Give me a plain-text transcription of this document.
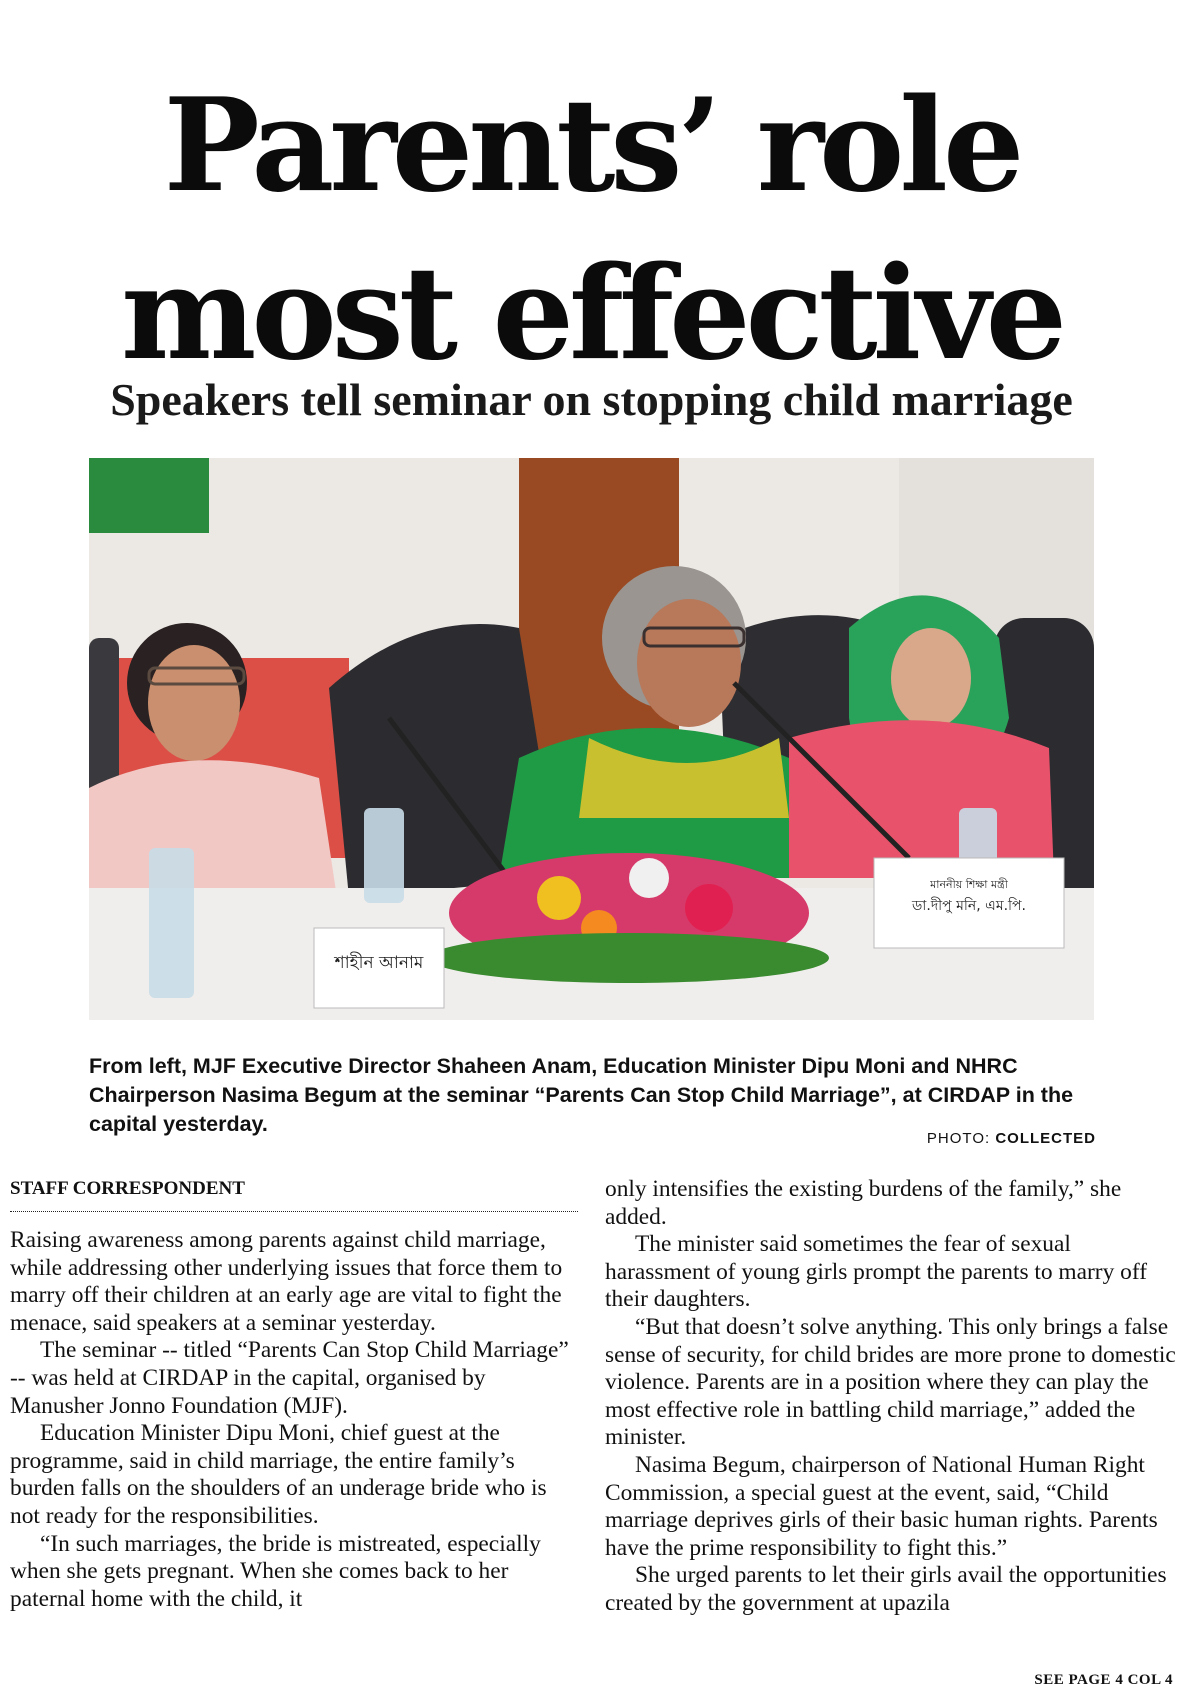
Parents’ role
most effective
Speakers tell seminar on stopping child marriage
শাহীন আনাম
মাননীয় শিক্ষা মন্ত্রী
ডা.দীপু মনি, এম.পি.

From left, MJF Executive Director Shaheen Anam, Education Minister Dipu Moni and NHRC Chairperson Nasima Begum at the seminar “Parents Can Stop Child Marriage”, at CIRDAP in the capital yesterday.

PHOTO: COLLECTED
STAFF CORRESPONDENT

Raising awareness among parents against child marriage, while addressing other underlying issues that force them to marry off their children at an early age are vital to fight the menace, said speakers at a seminar yesterday.

The seminar -- titled “Parents Can Stop Child Marriage” -- was held at CIRDAP in the capital, organised by Manusher Jonno Foundation (MJF).

Education Minister Dipu Moni, chief guest at the programme, said in child marriage, the entire family’s burden falls on the shoulders of an underage bride who is not ready for the responsibilities.

“In such marriages, the bride is mistreated, especially when she gets pregnant. When she comes back to her paternal home with the child, it

only intensifies the existing burdens of the family,” she added.

The minister said sometimes the fear of sexual harassment of young girls prompt the parents to marry off their daughters.

“But that doesn’t solve anything. This only brings a false sense of security, for child brides are more prone to domestic violence. Parents are in a position where they can play the most effective role in battling child marriage,” added the minister.

Nasima Begum, chairperson of National Human Right Commission, a special guest at the event, said, “Child marriage deprives girls of their basic human rights. Parents have the prime responsibility to fight this.”

She urged parents to let their girls avail the opportunities created by the government at upazila

SEE PAGE 4 COL 4
